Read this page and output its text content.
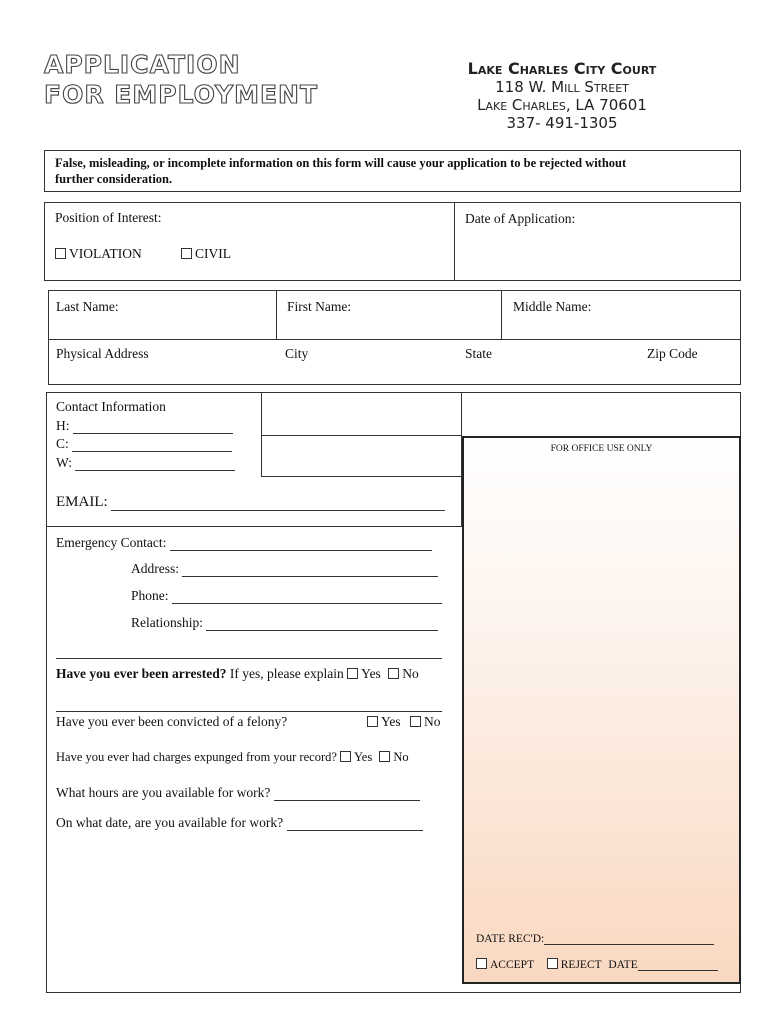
APPLICATION
FOR EMPLOYMENT
Lake Charles City Court
118 W. Mill Street
Lake Charles, LA 70601
337- 491-1305
False, misleading, or incomplete information on this form will cause your application to be rejected without
further consideration.
Position of Interest:
VIOLATION	CIVIL
Date of Application:
Last Name:	First Name:	Middle Name:
Physical Address	City	State	Zip Code
Contact Information
H:
C:
W:
EMAIL:
Emergency Contact:
Address:
Phone:
Relationship:
Have you ever been arrested? If yes, please explain Yes No
Have you ever been convicted of a felony?	Yes No
Have you ever had charges expunged from your record? Yes No
What hours are you available for work?
On what date, are you available for work?
FOR OFFICE USE ONLY
DATE REC'D:
ACCEPT REJECT DATE
